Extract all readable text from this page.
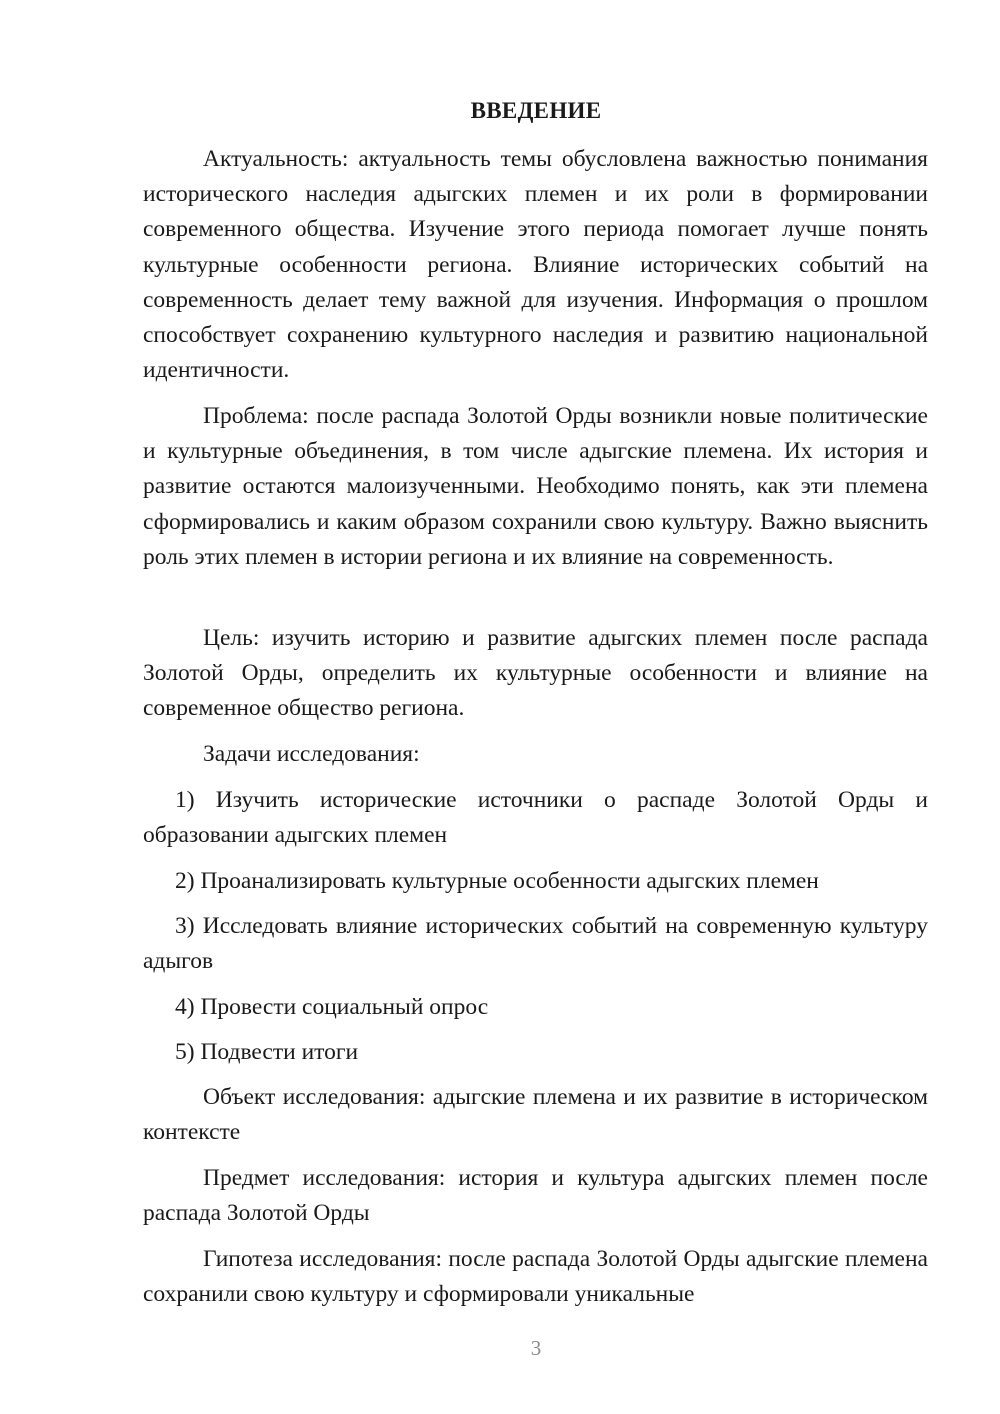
ВВЕДЕНИЕ

Актуальность: актуальность темы обусловлена важностью понимания исторического наследия адыгских племен и их роли в формировании современного общества. Изучение этого периода помогает лучше понять культурные особенности региона. Влияние исторических событий на современность делает тему важной для изучения. Информация о прошлом способствует сохранению культурного наследия и развитию национальной идентичности.

Проблема: после распада Золотой Орды возникли новые политические и культурные объединения, в том числе адыгские племена. Их история и развитие остаются малоизученными. Необходимо понять, как эти племена сформировались и каким образом сохранили свою культуру. Важно выяснить роль этих племен в истории региона и их влияние на современность.

Цель: изучить историю и развитие адыгских племен после распада Золотой Орды, определить их культурные особенности и влияние на современное общество региона.

Задачи исследования:

1) Изучить исторические источники о распаде Золотой Орды и образовании адыгских племен

2) Проанализировать культурные особенности адыгских племен

3) Исследовать влияние исторических событий на современную культуру адыгов

4) Провести социальный опрос

5) Подвести итоги

Объект исследования: адыгские племена и их развитие в историческом контексте

Предмет исследования: история и культура адыгских племен после распада Золотой Орды

Гипотеза исследования: после распада Золотой Орды адыгские племена сохранили свою культуру и сформировали уникальные

3
